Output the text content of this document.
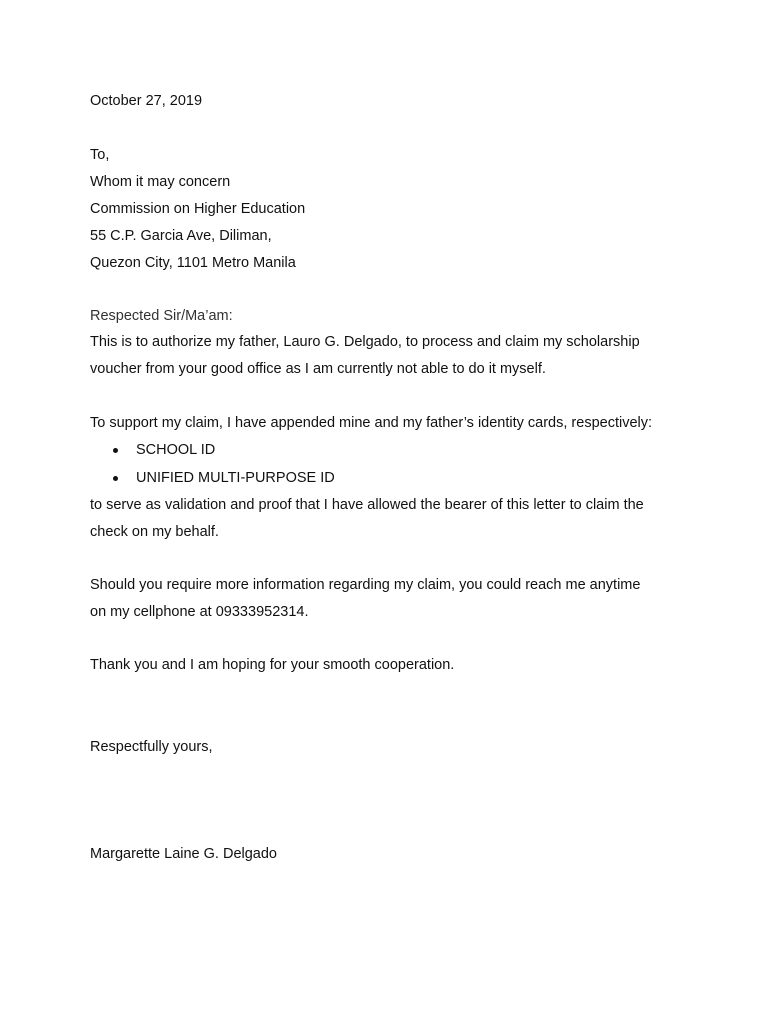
October 27, 2019
To,
Whom it may concern
Commission on Higher Education
55 C.P. Garcia Ave, Diliman,
Quezon City, 1101 Metro Manila
Respected Sir/Ma’am:
This is to authorize my father, Lauro G. Delgado, to process and claim my scholarship
voucher from your good office as I am currently not able to do it myself.
To support my claim, I have appended mine and my father’s identity cards, respectively:
SCHOOL ID
UNIFIED MULTI-PURPOSE ID
to serve as validation and proof that I have allowed the bearer of this letter to claim the
check on my behalf.
Should you require more information regarding my claim, you could reach me anytime
on my cellphone at 09333952314.
Thank you and I am hoping for your smooth cooperation.
Respectfully yours,
Margarette Laine G. Delgado
